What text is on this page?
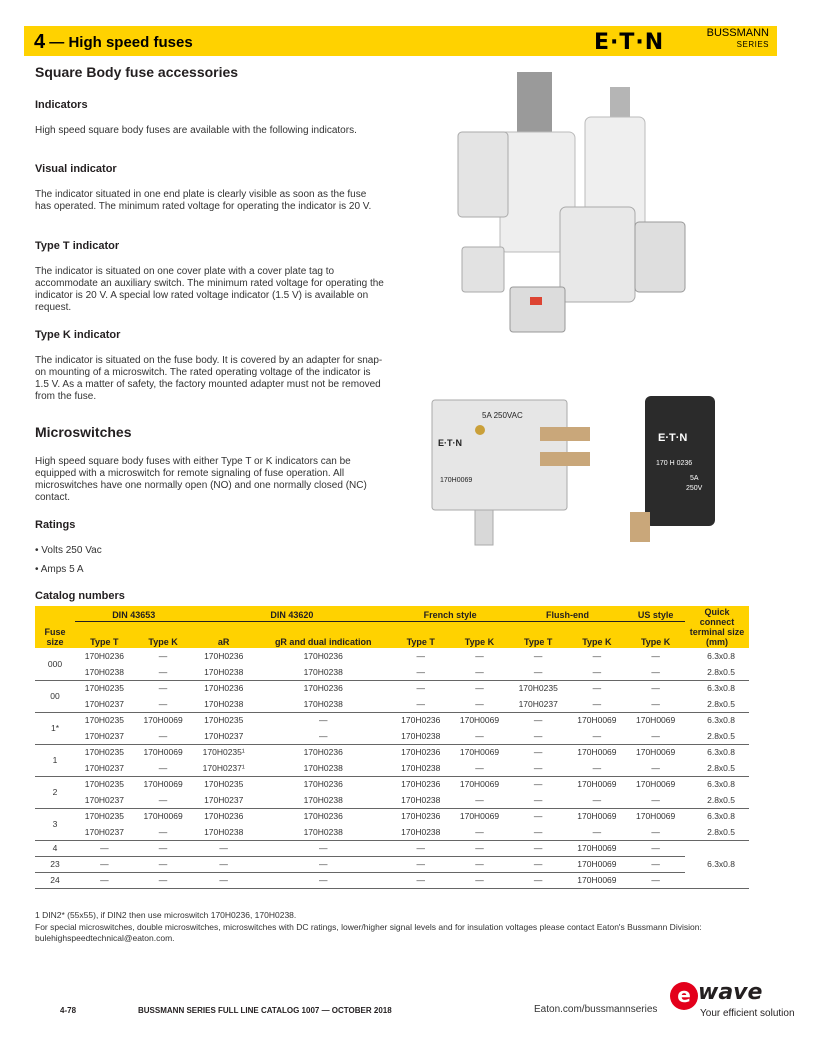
4 — High speed fuses	E·T·N	BUSSMANN
SERIES
Square Body fuse accessories
Indicators
High speed square body fuses are available with the following indicators.
Visual indicator
The indicator situated in one end plate is clearly visible as soon as the fuse has operated. The minimum rated voltage for operating the indicator is 20 V.
Type T indicator
The indicator is situated on one cover plate with a cover plate tag to accommodate an auxiliary switch. The minimum rated voltage for operating the indicator is 20 V. A special low rated voltage indicator (1.5 V) is available on request.
Type K indicator
The indicator is situated on the fuse body. It is covered by an adapter for snap-on mounting of a microswitch. The rated operating voltage of the indicator is 1.5 V. As a matter of safety, the factory mounted adapter must not be removed from the fuse.
Microswitches
High speed square body fuses with either Type T or K indicators can be equipped with a microswitch for remote signaling of fuse operation. All microswitches have one normally open (NO) and one normally closed (NC) contact.
Ratings
• Volts 250 Vac
• Amps 5 A
5A 250VAC
E·T·N
170H0069
E·T·N
170 H 0236
5A
250V
Catalog numbers
	DIN 43653		DIN 43620		French style		Flush-end		US style	Quick connect terminal size (mm)
Fuse size	Type T	Type K	aR	gR and dual indication	Type T	Type K	Type T	Type K	Type K	
000	170H0236	—	170H0236	170H0236	—	—	—	—	—	6.3x0.8
	170H0238	—	170H0238	170H0238	—	—	—	—	—	2.8x0.5
00	170H0235	—	170H0236	170H0236	—	—	170H0235	—	—	6.3x0.8
	170H0237	—	170H0238	170H0238	—	—	170H0237	—	—	2.8x0.5
1*	170H0235	170H0069	170H0235	—	170H0236	170H0069	—	170H0069	170H0069	6.3x0.8
	170H0237	—	170H0237	—	170H0238	—	—	—	—	2.8x0.5
1	170H0235	170H0069	170H0235¹	170H0236	170H0236	170H0069	—	170H0069	170H0069	6.3x0.8
	170H0237	—	170H0237¹	170H0238	170H0238	—	—	—	—	2.8x0.5
2	170H0235	170H0069	170H0235	170H0236	170H0236	170H0069	—	170H0069	170H0069	6.3x0.8
	170H0237	—	170H0237	170H0238	170H0238	—	—	—	—	2.8x0.5
3	170H0235	170H0069	170H0236	170H0236	170H0236	170H0069	—	170H0069	170H0069	6.3x0.8
	170H0237	—	170H0238	170H0238	170H0238	—	—	—	—	2.8x0.5
4	—	—	—	—	—	—	—	170H0069	—	6.3x0.8
23	—	—	—	—	—	—	—	170H0069	—	
24	—	—	—	—	—	—	—	170H0069	—	
1 DIN2* (55x55), if DIN2 then use microswitch 170H0236, 170H0238.
For special microswitches, double microswitches, microswitches with DC ratings, lower/higher signal levels and for insulation voltages please contact Eaton's Bussmann Division: bulehighspeedtechnical@eaton.com.
4-78	BUSSMANN SERIES FULL LINE CATALOG 1007 — OCTOBER 2018	Eaton.com/bussmannseries
e wave
Your efficient solution
